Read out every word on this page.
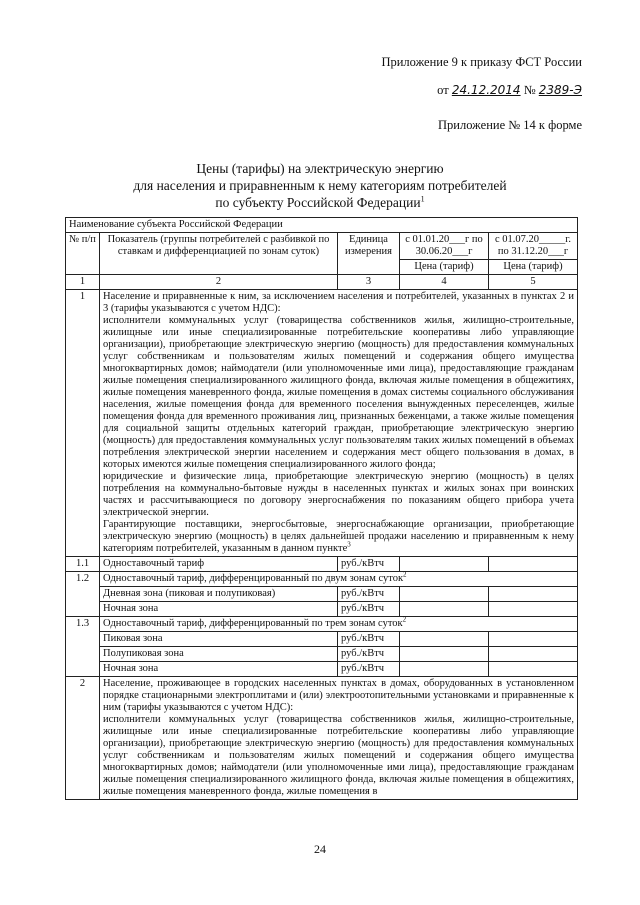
Приложение 9 к приказу ФСТ России
от 24.12.2014 № 2389-Э
Приложение № 14 к форме
Цены (тарифы) на электрическую энергию
для населения и приравненным к нему категориям потребителей
по субъекту Российской Федерации$^1$
Наименование субъекта Российской Федерации				
№ п/п	Показатель (группы потребителей с разбивкой по ставкам и дифференциацией по зонам суток)	Единица измерения	с 01.01.20___г по 30.06.20___г	с 01.07.20_____г. по 31.12.20___г
			Цена (тариф)	Цена (тариф)
1	2	3	4	5
1	Население и приравненные к ним, за исключением населения и потребителей, указанных в пунктах 2 и 3 (тарифы указываются с учетом НДС):

исполнители коммунальных услуг (товарищества собственников жилья, жилищно-строительные, жилищные или иные специализированные потребительские кооперативы либо управляющие организации), приобретающие электрическую энергию (мощность) для предоставления коммунальных услуг собственникам и пользователям жилых помещений и содержания общего имущества многоквартирных домов; наймодатели (или уполномоченные ими лица), предоставляющие гражданам жилые помещения специализированного жилищного фонда, включая жилые помещения в общежитиях, жилые помещения маневренного фонда, жилые помещения в домах системы социального обслуживания населения, жилые помещения фонда для временного поселения вынужденных переселенцев, жилые помещения фонда для временного проживания лиц, признанных беженцами, а также жилые помещения для социальной защиты отдельных категорий граждан, приобретающие электрическую энергию (мощность) для предоставления коммунальных услуг пользователям таких жилых помещений в объемах потребления электрической энергии населением и содержания мест общего пользования в домах, в которых имеются жилые помещения специализированного жилого фонда;

юридические и физические лица, приобретающие электрическую энергию (мощность) в целях потребления на коммунально-бытовые нужды в населенных пунктах и жилых зонах при воинских частях и рассчитывающиеся по договору энергоснабжения по показаниям общего прибора учета электрической энергии.

Гарантирующие поставщики, энергосбытовые, энергоснабжающие организации, приобретающие электрическую энергию (мощность) в целях дальнейшей продажи населению и приравненным к нему категориям потребителей, указанным в данном пункте$^3$

1.1	Одноставочный тариф	руб./кВтч		
1.2	Одноставочный тариф, дифференцированный по двум зонам суток$^2$
	Дневная зона (пиковая и полупиковая)	руб./кВтч		
	Ночная зона	руб./кВтч		
1.3	Одноставочный тариф, дифференцированный по трем зонам суток$^2$
	Пиковая зона	руб./кВтч		
	Полупиковая зона	руб./кВтч		
	Ночная зона	руб./кВтч		
2	Население, проживающее в городских населенных пунктах в домах, оборудованных в установленном порядке стационарными электроплитами и (или) электроотопительными установками и приравненные к ним (тарифы указываются с учетом НДС):

исполнители коммунальных услуг (товарищества собственников жилья, жилищно-строительные, жилищные или иные специализированные потребительские кооперативы либо управляющие организации), приобретающие электрическую энергию (мощность) для предоставления коммунальных услуг собственникам и пользователям жилых помещений и содержания общего имущества многоквартирных домов; наймодатели (или уполномоченные ими лица), предоставляющие гражданам жилые помещения специализированного жилищного фонда, включая жилые помещения в общежитиях, жилые помещения маневренного фонда, жилые помещения в			

24
